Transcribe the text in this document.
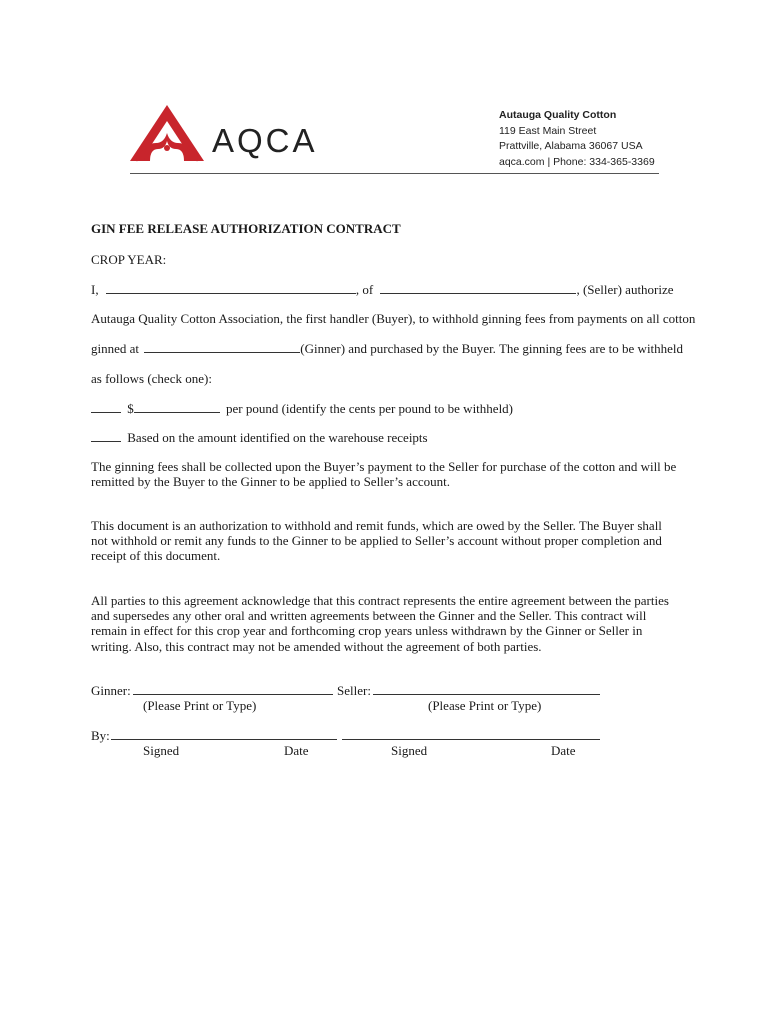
AQCA
Autauga Quality Cotton
119 East Main Street
Prattville, Alabama 36067 USA
aqca.com | Phone: 334-365-3369
GIN FEE RELEASE AUTHORIZATION CONTRACT
CROP YEAR:
I,	, of	, (Seller) authorize
Autauga Quality Cotton Association, the first handler (Buyer), to withhold ginning fees from payments on all cotton
ginned at	(Ginner) and purchased by the Buyer. The ginning fees are to be withheld
as follows (check one):
$	per pound (identify the cents per pound to be withheld)
Based on the amount identified on the warehouse receipts
The ginning fees shall be collected upon the Buyer’s payment to the Seller for purchase of the cotton and will be remitted by the Buyer to the Ginner to be applied to Seller’s account.
This document is an authorization to withhold and remit funds, which are owed by the Seller. The Buyer shall not withhold or remit any funds to the Ginner to be applied to Seller’s account without proper completion and receipt of this document.
All parties to this agreement acknowledge that this contract represents the entire agreement between the parties and supersedes any other oral and written agreements between the Ginner and the Seller. This contract will remain in effect for this crop year and forthcoming crop years unless withdrawn by the Ginner or Seller in writing. Also, this contract may not be amended without the agreement of both parties.
Ginner:	Seller:
(Please Print or Type)	(Please Print or Type)
By:
Signed	Date	Signed	Date
